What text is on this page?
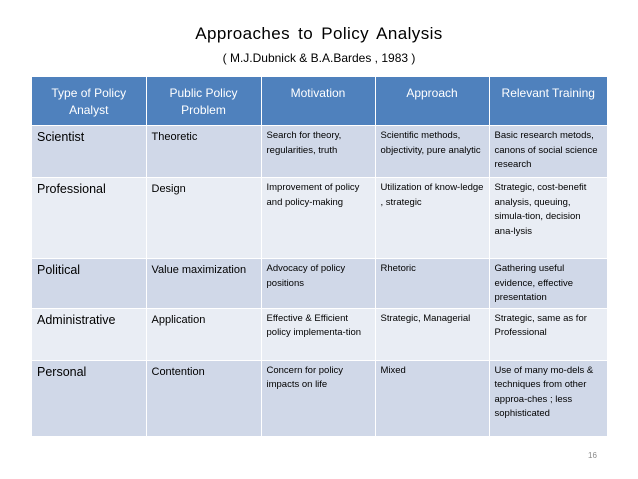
Approaches to Policy Analysis
( M.J.Dubnick & B.A.Bardes , 1983 )
Type of Policy Analyst	Public Policy Problem	Motivation	Approach	Relevant Training
Scientist	Theoretic	Search for theory, regularities, truth	Scientific methods, objectivity, pure analytic	Basic research metods, canons of social science research
Professional	Design	Improvement of policy and policy-making	Utilization of know-ledge , strategic	Strategic, cost-benefit analysis, queuing, simula-tion, decision ana-lysis
Political	Value maximization	Advocacy of policy positions	Rhetoric	Gathering useful evidence, effective presentation
Administrative	Application	Effective & Efficient policy implementa-tion	Strategic, Managerial	Strategic, same as for Professional
Personal	Contention	Concern for policy impacts on life	Mixed	Use of many mo-dels & techniques from other approa-ches ; less sophisticated
16
